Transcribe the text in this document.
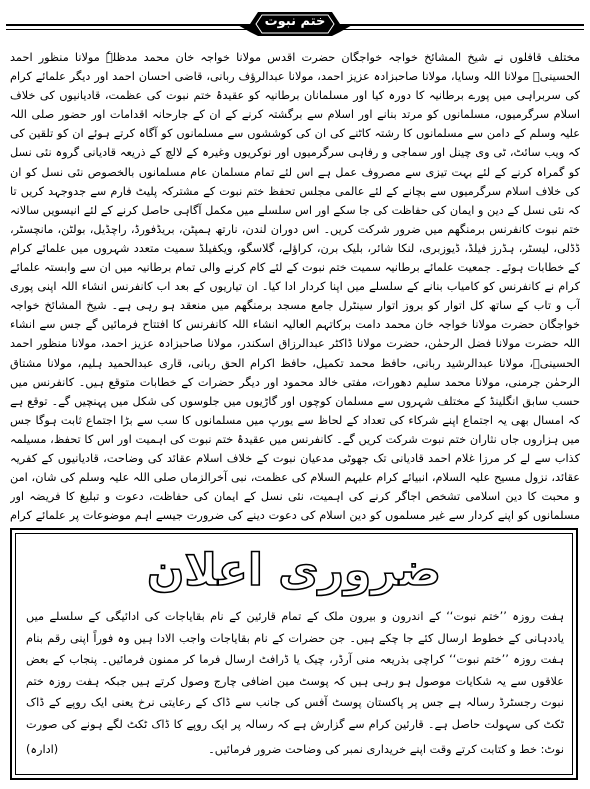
ختم نبوت

مختلف قافلوں نے شیخ المشائخ خواجہ خواجگان حضرت اقدس مولانا خواجہ خان محمد مدظلہٗ مولانا منظور احمد الحسینیؒ مولانا اللہ وسایا، مولانا صاحبزادہ عزیز احمد، مولانا عبدالرؤف ربانی، قاضی احسان احمد اور دیگر علمائے کرام کی سربراہی میں پورے برطانیہ کا دورہ کیا اور مسلمانان برطانیہ کو عقیدۂ ختم نبوت کی عظمت، قادیانیوں کی خلاف اسلام سرگرمیوں، مسلمانوں کو مرتد بنانے اور اسلام سے برگشتہ کرنے کے ان کے جارحانہ اقدامات اور حضور صلی اللہ علیہ وسلم کے دامن سے مسلمانوں کا رشتہ کاٹنے کی ان کی کوششوں سے مسلمانوں کو آگاہ کرتے ہوئے ان کو تلقین کی کہ ویب سائٹ، ٹی وی چینل اور سماجی و رفاہی سرگرمیوں اور نوکریوں وغیرہ کے لالچ کے ذریعہ قادیانی گروہ نئی نسل کو گمراہ کرنے کے لئے بہت تیزی سے مصروف عمل ہے اس لئے تمام مسلمان عام مسلمانوں بالخصوص نئی نسل کو ان کی خلاف اسلام سرگرمیوں سے بچانے کے لئے عالمی مجلس تحفظ ختم نبوت کے مشترکہ پلیٹ فارم سے جدوجہد کریں تا کہ نئی نسل کے دین و ایمان کی حفاظت کی جا سکے اور اس سلسلے میں مکمل آگاہی حاصل کرنے کے لئے انیسویں سالانہ ختم نبوت کانفرنس برمنگھم میں ضرور شرکت کریں۔ اس دوران لندن، نارتھ ہمپٹن، بریڈفورڈ، راچڈیل، بولٹن، مانچسٹر، ڈڈلی، لیسٹر، ہڈرز فیلڈ، ڈیوزبری، لنکا شائر، بلیک برن، کراؤلے، گلاسگو، ویکفیلڈ سمیت متعدد شہروں میں علمائے کرام کے خطابات ہوئے۔ جمعیت علمائے برطانیہ سمیت ختم نبوت کے لئے کام کرنے والی تمام برطانیہ میں ان سے وابستہ علمائے کرام نے کانفرنس کو کامیاب بنانے کے سلسلے میں اپنا کردار ادا کیا۔ ان تیاریوں کے بعد اب کانفرنس انشاء اللہ اپنی پوری آب و تاب کے ساتھ کل اتوار کو بروز اتوار سینٹرل جامع مسجد برمنگھم میں منعقد ہو رہی ہے۔ شیخ المشائخ خواجہ خواجگان حضرت مولانا خواجہ خان محمد دامت برکاتہم العالیہ انشاء اللہ کانفرنس کا افتتاح فرمائیں گے جس سے انشاء اللہ حضرت مولانا فضل الرحمٰن، حضرت مولانا ڈاکٹر عبدالرزاق اسکندر، مولانا صاحبزادہ عزیز احمد، مولانا منظور احمد الحسینیؒ، مولانا عبدالرشید ربانی، حافظ محمد تکمیل، حافظ اکرام الحق ربانی، قاری عبدالحمید ہلیم، مولانا مشتاق الرحمٰن جرمنی، مولانا محمد سلیم دھورات، مفتی خالد محمود اور دیگر حضرات کے خطابات متوقع ہیں۔ کانفرنس میں حسب سابق انگلینڈ کے مختلف شہروں سے مسلمان کوچوں اور گاڑیوں میں جلوسوں کی شکل میں پہنچیں گے۔ توقع ہے کہ امسال بھی یہ اجتماع اپنے شرکاء کی تعداد کے لحاظ سے یورپ میں مسلمانوں کا سب سے بڑا اجتماع ثابت ہوگا جس میں ہزاروں جاں نثاران ختم نبوت شرکت کریں گے۔ کانفرنس میں عقیدۂ ختم نبوت کی اہمیت اور اس کا تحفظ، مسیلمہ کذاب سے لے کر مرزا غلام احمد قادیانی تک جھوٹی مدعیان نبوت کے خلاف اسلام عقائد کی وضاحت، قادیانیوں کے کفریہ عقائد، نزول مسیح علیہ السلام، انبیائے کرام علیہم السلام کی عظمت، نبی آخرالزماں صلی اللہ علیہ وسلم کی شان، امن و محبت کا دین اسلامی تشخص اجاگر کرنے کی اہمیت، نئی نسل کے ایمان کی حفاظت، دعوت و تبلیغ کا فریضہ اور مسلمانوں کو اپنے کردار سے غیر مسلموں کو دین اسلام کی دعوت دینے کی ضرورت جیسے اہم موضوعات پر علمائے کرام

ضروری اعلان

ہفت روزہ ’’ختم نبوت‘‘ کے اندرون و بیرون ملک کے تمام قارئین کے نام بقایاجات کی ادائیگی کے سلسلے میں یاددہانی کے خطوط ارسال کئے جا چکے ہیں۔ جن حضرات کے نام بقایاجات واجب الادا ہیں وہ فوراً اپنی رقم بنام ہفت روزہ ’’ختم نبوت‘‘ کراچی بذریعہ منی آرڈر، چیک یا ڈرافٹ ارسال فرما کر ممنون فرمائیں۔ پنجاب کے بعض علاقوں سے یہ شکایات موصول ہو رہی ہیں کہ پوسٹ مین اضافی چارج وصول کرتے ہیں جبکہ ہفت روزہ ختم نبوت رجسٹرڈ رسالہ ہے جس پر پاکستان پوسٹ آفس کی جانب سے ڈاک کے رعایتی نرخ یعنی ایک روپے کے ڈاک ٹکٹ کی سہولت حاصل ہے۔ قارئین کرام سے گزارش ہے کہ رسالہ پر ایک روپے کا ڈاک ٹکٹ لگے ہونے کی صورت

نوٹ: خط و کتابت کرتے وقت اپنے خریداری نمبر کی وضاحت ضرور فرمائیں۔
(ادارہ)
